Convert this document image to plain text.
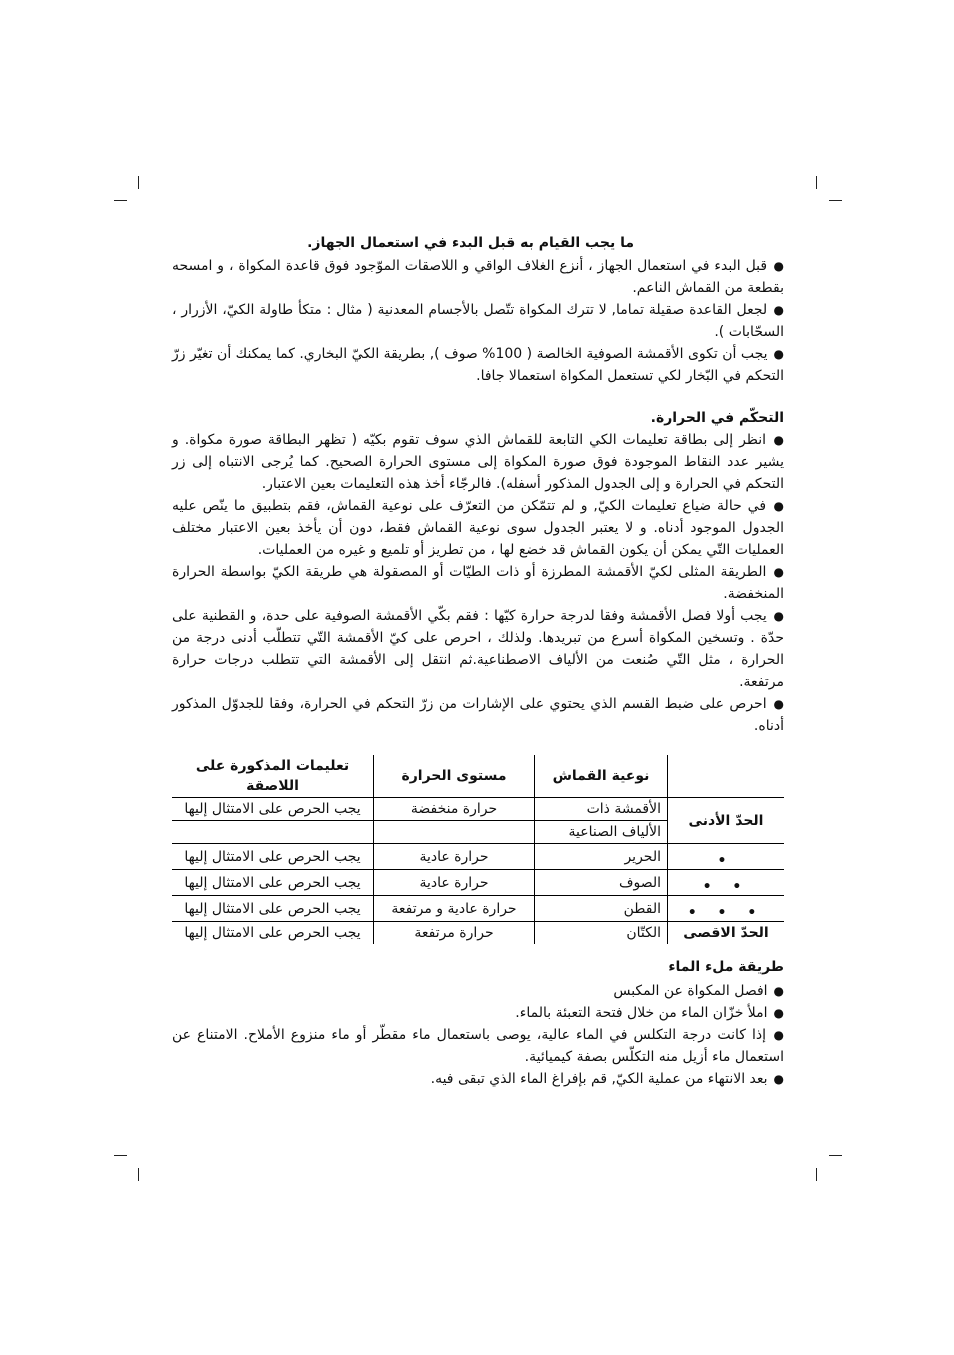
ما يجب القيام به قبل البدء في استعمال الجهاز.

● قبل البدء في استعمال الجهاز ، أنزع الغلاف الواقي و اللاصقات الموّجود فوق قاعدة المكواة ، و امسحه بقطعة من القماش الناعم.

● لجعل القاعدة صقيلة تماما, لا تترك المكواة تتّصل بالأجسام المعدنية ( مثال : متكأ طاولة الكيّ، الأزرار ، السحّابات ).

● يجب أن تكوى الأقمشة الصوفية الخالصة ( 100% صوف ), بطريقة الكيّ البخاري. كما يمكنك أن تغيّر زرّ التحكم في البّخار لكي تستعمل المكواة استعمالا جافا.

التحكّم في الحرارة.

● انظر إلى بطاقة تعليمات الكي التابعة للقماش الذي سوف تقوم بكيّه ( تظهر البطاقة صورة مكواة. و يشير عدد النقاط الموجودة فوق صورة المكواة إلى مستوى الحرارة الصحيح. كما يُرجى الانتباه إلى زر التحكم في الحرارة و إلى الجدول المذكور أسفله). فالرجّاء أخذ هذه التعليمات بعين الاعتبار.

● في حالة ضياع تعليمات الكيّ, و لم تتمّكن من التعرّف على نوعية القماش، فقم بتطبيق ما ينّص عليه الجدول الموجود أدناه. و لا يعتبر الجدول سوى نوعية القماش فقط، دون أن يأخذ بعين الاعتبار مختلف العمليات التّي يمكن أن يكون القماش قد خضع لها ، من تطريز أو تلميع و غيره من العمليات.

● الطريقة المثلى لكيّ الأقمشة المطرزة أو ذات الطيّات أو المصقولة هي طريقة الكيّ بواسطة الحرارة المنخفضة.

● يجب أولا فصل الأقمشة وفقا لدرجة حرارة كيّها : فقم بكّي الأقمشة الصوفية على حدة، و القطنية على حدّة . وتسخين المكواة أسرع من تبريدها. ولذلك ، احرص على كيّ الأقمشة التّي تتطلّب أدنى درجة من الحرارة ، مثل التّي صُنعت من الألياف الاصطناعية.ثم انتقل إلى الأقمشة التي تتطلب درجات حرارة مرتفعة.

● احرص على ضبط القسم الذي يحتوي على الإشارات من زرّ التحكم في الحرارة، وفقا للجدوّل المذكور أدناه.

	نوعية القماش	مستوى الحرارة	تعليمات المذكورة على اللاصقة
الحدّ الأدنى	الأقمشة ذات	حرارة منخفضة	يجب الحرص على الامتثال إليها
	الألياف الصناعية		
•	الحرير	حرارة عادية	يجب الحرص على الامتثال إليها
• •	الصوف	حرارة عادية	يجب الحرص على الامتثال إليها
• • •	القطن	حرارة عادية و مرتفعة	يجب الحرص على الامتثال إليها
الحدّ الاقصى	الكتّان	حرارة مرتفعة	يجب الحرص على الامتثال إليها
طريقة ملء الماء

● افصل المكواة عن المكبس

● املأ خزّان الماء من خلال فتحة التعبئة بالماء.

● إذا كانت درجة التكلس في الماء عالية، يوصى باستعمال ماء مقطّر أو ماء منزوع الأملاح. الامتناع عن استعمال ماء أزيل منه التكلّس بصفة كيميائية.

● بعد الانتهاء من عملية الكيّ, قم بإفراغ الماء الذي تبقى فيه.
